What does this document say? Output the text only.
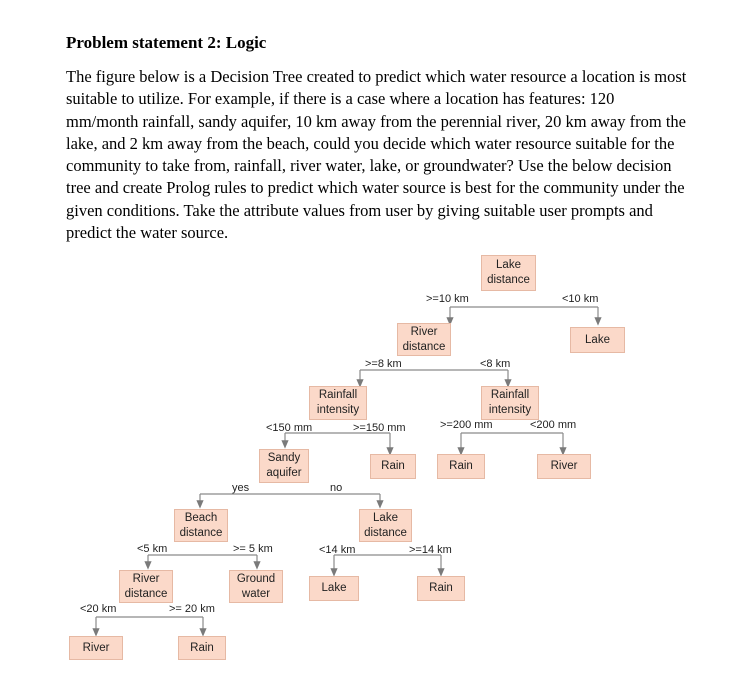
Problem statement 2: Logic
The figure below is a Decision Tree created to predict which water resource a location is most
suitable to utilize. For example, if there is a case where a location has features: 120
mm/month rainfall, sandy aquifer, 10 km away from the perennial river, 20 km away from the
lake, and 2 km away from the beach, could you decide which water resource suitable for the
community to take from, rainfall, river water, lake, or groundwater? Use the below decision
tree and create Prolog rules to predict which water source is best for the community under the
given conditions. Take the attribute values from user by giving suitable user prompts and
predict the water source.
Lake
distance
Lake
River
distance
Rainfall
intensity
Rainfall
intensity
Sandy
aquifer
Rain	Rain	River
Beach
distance
Lake
distance
River
distance
Ground
water	Lake	Rain
River	Rain
>=10 km	<10 km
>=8 km	<8 km
<150 mm	>=150 mm	>=200 mm	<200 mm
yes	no
<5 km	>= 5 km	<14 km	>=14 km
<20 km	>= 20 km
